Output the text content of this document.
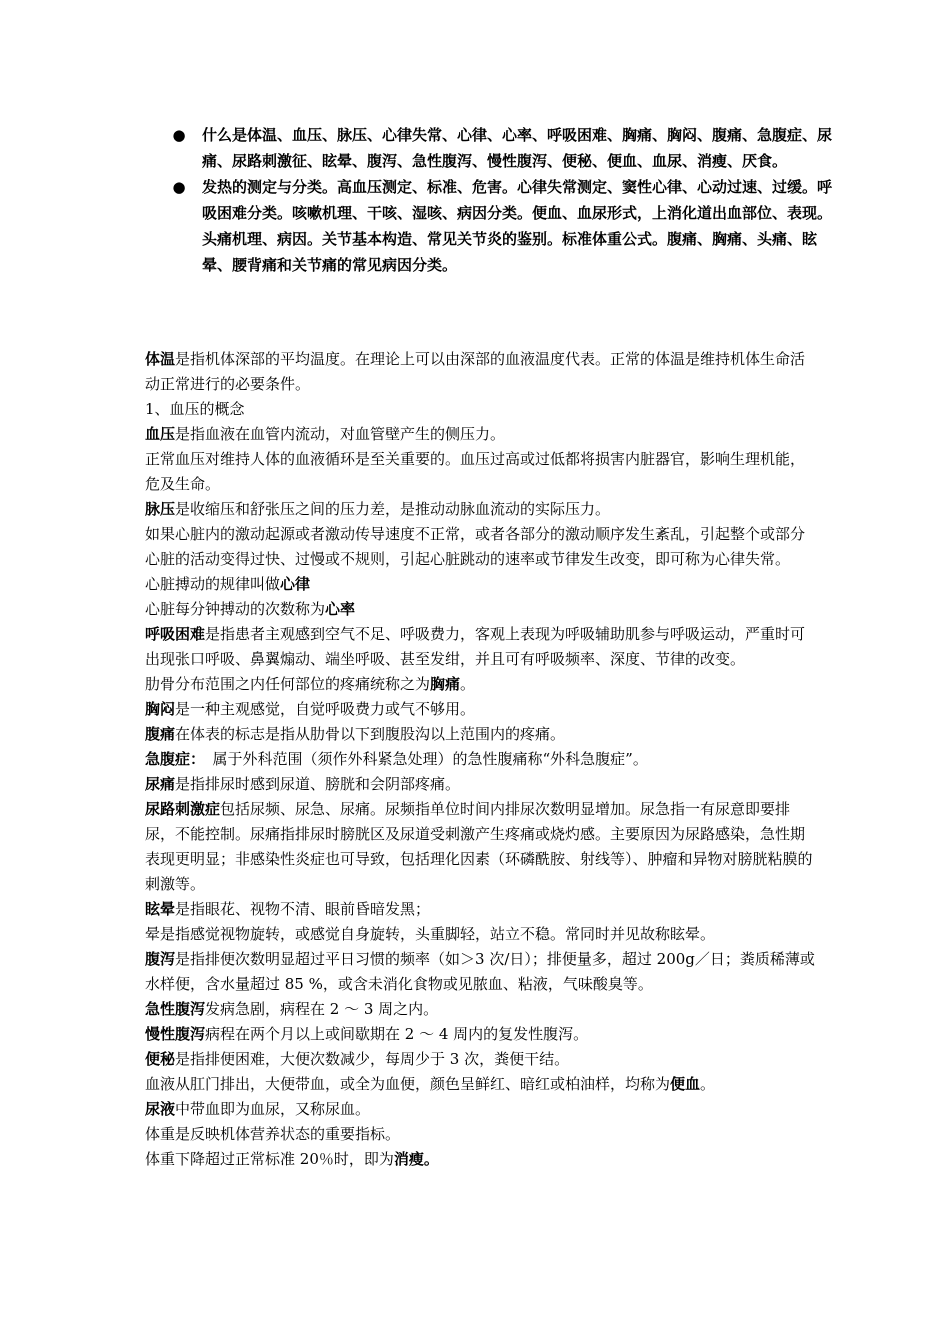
● 什么是体温、血压、脉压、心律失常、心律、心率、呼吸困难、胸痛、胸闷、腹痛、急腹症、尿痛、尿路刺激征、眩晕、腹泻、急性腹泻、慢性腹泻、便秘、便血、血尿、消瘦、厌食。
● 发热的测定与分类。高血压测定、标准、危害。心律失常测定、窦性心律、心动过速、过缓。呼吸困难分类。咳嗽机理、干咳、湿咳、病因分类。便血、血尿形式，上消化道出血部位、表现。头痛机理、病因。关节基本构造、常见关节炎的鉴别。标准体重公式。腹痛、胸痛、头痛、眩晕、腰背痛和关节痛的常见病因分类。

体温是指机体深部的平均温度。在理论上可以由深部的血液温度代表。正常的体温是维持机体生命活动正常进行的必要条件。

1、血压的概念

血压是指血液在血管内流动，对血管壁产生的侧压力。

正常血压对维持人体的血液循环是至关重要的。血压过高或过低都将损害内脏器官，影响生理机能，危及生命。

脉压是收缩压和舒张压之间的压力差，是推动动脉血流动的实际压力。

如果心脏内的激动起源或者激动传导速度不正常，或者各部分的激动顺序发生紊乱，引起整个或部分心脏的活动变得过快、过慢或不规则，引起心脏跳动的速率或节律发生改变，即可称为心律失常。

心脏搏动的规律叫做心律

心脏每分钟搏动的次数称为心率

呼吸困难是指患者主观感到空气不足、呼吸费力，客观上表现为呼吸辅助肌参与呼吸运动，严重时可出现张口呼吸、鼻翼煽动、端坐呼吸、甚至发绀，并且可有呼吸频率、深度、节律的改变。

肋骨分布范围之内任何部位的疼痛统称之为胸痛。

胸闷是一种主观感觉，自觉呼吸费力或气不够用。

腹痛在体表的标志是指从肋骨以下到腹股沟以上范围内的疼痛。

急腹症：　属于外科范围（须作外科紧急处理）的急性腹痛称“外科急腹症”。

尿痛是指排尿时感到尿道、膀胱和会阴部疼痛。

尿路刺激症包括尿频、尿急、尿痛。尿频指单位时间内排尿次数明显增加。尿急指一有尿意即要排尿，不能控制。尿痛指排尿时膀胱区及尿道受刺激产生疼痛或烧灼感。主要原因为尿路感染，急性期表现更明显；非感染性炎症也可导致，包括理化因素（环磷酰胺、射线等）、肿瘤和异物对膀胱粘膜的刺激等。

眩晕是指眼花、视物不清、眼前昏暗发黑；

晕是指感觉视物旋转，或感觉自身旋转，头重脚轻，站立不稳。常同时并见故称眩晕。

腹泻是指排便次数明显超过平日习惯的频率（如＞3 次/日）；排便量多，超过 200g／日；粪质稀薄或水样便，含水量超过 85 %，或含未消化食物或见脓血、粘液，气味酸臭等。

急性腹泻发病急剧，病程在 2 ～ 3 周之内。

慢性腹泻病程在两个月以上或间歇期在 2 ～ 4 周内的复发性腹泻。

便秘是指排便困难，大便次数减少，每周少于 3 次，粪便干结。

血液从肛门排出，大便带血，或全为血便，颜色呈鲜红、暗红或柏油样，均称为便血。

尿液中带血即为血尿，又称尿血。

体重是反映机体营养状态的重要指标。

体重下降超过正常标准 20％时，即为消瘦。
